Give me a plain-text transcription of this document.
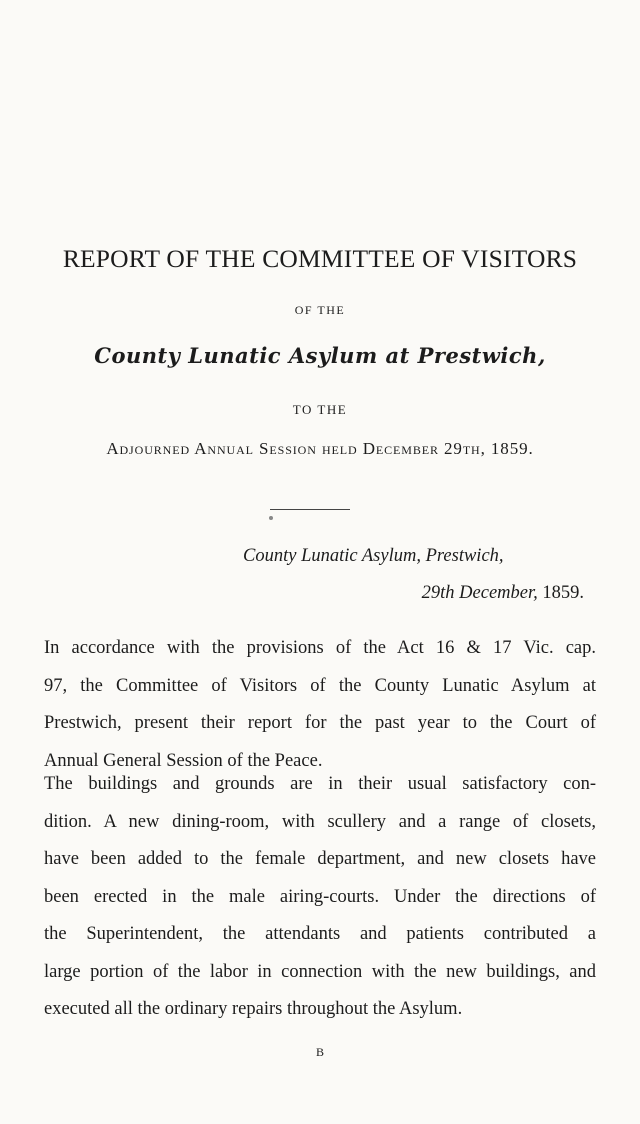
REPORT OF THE COMMITTEE OF VISITORS
OF THE
County Lunatic Asylum at Prestwich,
TO THE
Adjourned Annual Session held December 29th, 1859.
County Lunatic Asylum, Prestwich,
29th December, 1859.
In accordance with the provisions of the Act 16 & 17 Vic. cap.
97, the Committee of Visitors of the County Lunatic Asylum at
Prestwich, present their report for the past year to the Court of
Annual General Session of the Peace.
The buildings and grounds are in their usual satisfactory con-
dition. A new dining-room, with scullery and a range of closets,
have been added to the female department, and new closets have
been erected in the male airing-courts. Under the directions of
the Superintendent, the attendants and patients contributed a
large portion of the labor in connection with the new buildings, and
executed all the ordinary repairs throughout the Asylum.
B
